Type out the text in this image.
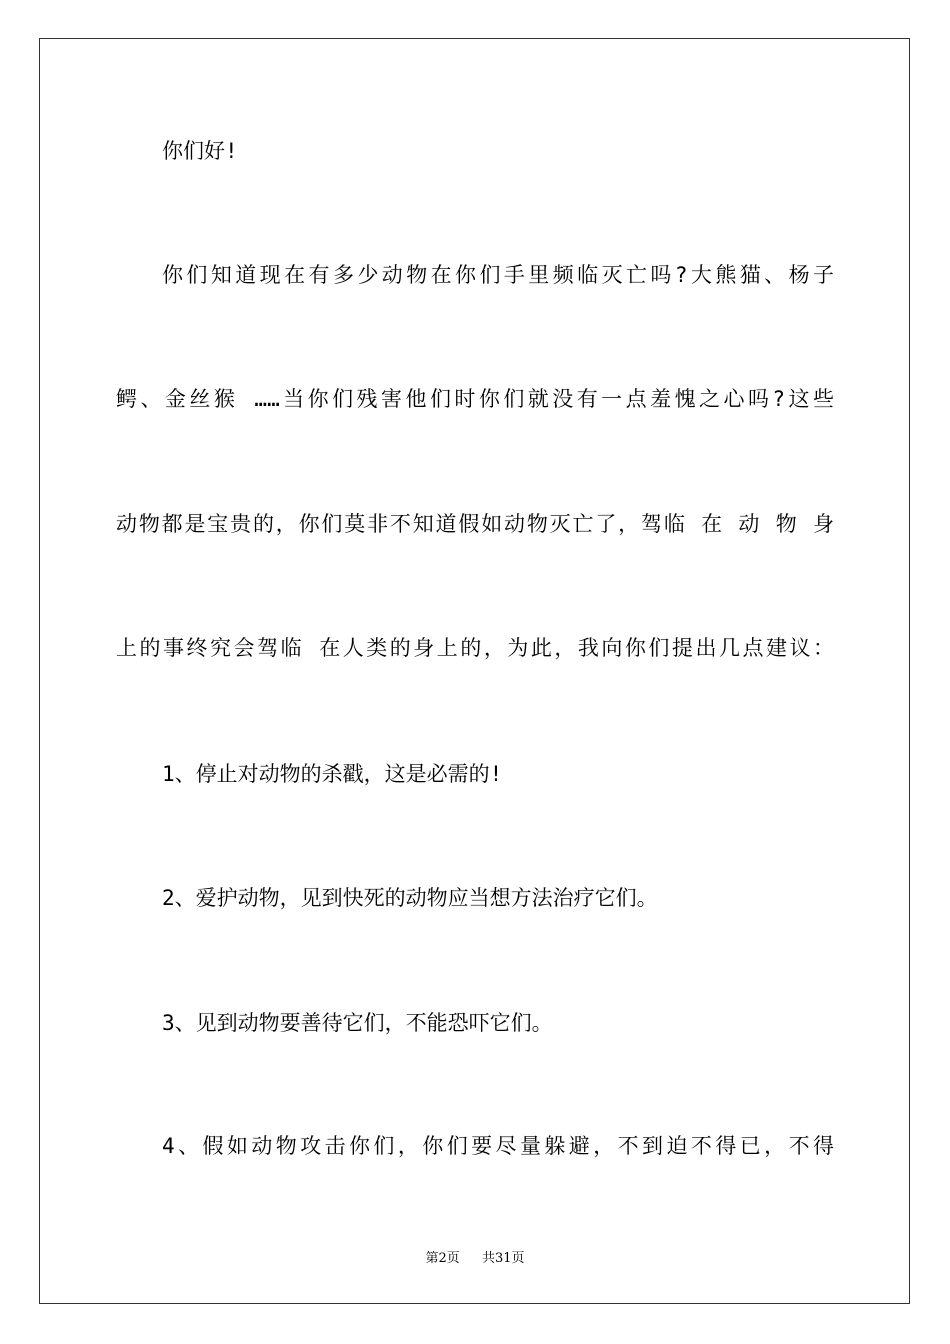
你们好!

你们知道现在有多少动物在你们手里频临灭亡吗?大熊猫、杨子

鳄、金丝猴 ……当你们残害他们时你们就没有一点羞愧之心吗?这些

动物都是宝贵的，你们莫非不知道假如动物灭亡了，驾临 在 动 物 身

上的事终究会驾临 在人类的身上的，为此，我向你们提出几点建议：

1、停止对动物的杀戳，这是必需的!

2、爱护动物，见到快死的动物应当想方法治疗它们。

3、见到动物要善待它们，不能恐吓它们。

4、假如动物攻击你们，你们要尽量躲避，不到迫不得已，不得

第2页 共31页
